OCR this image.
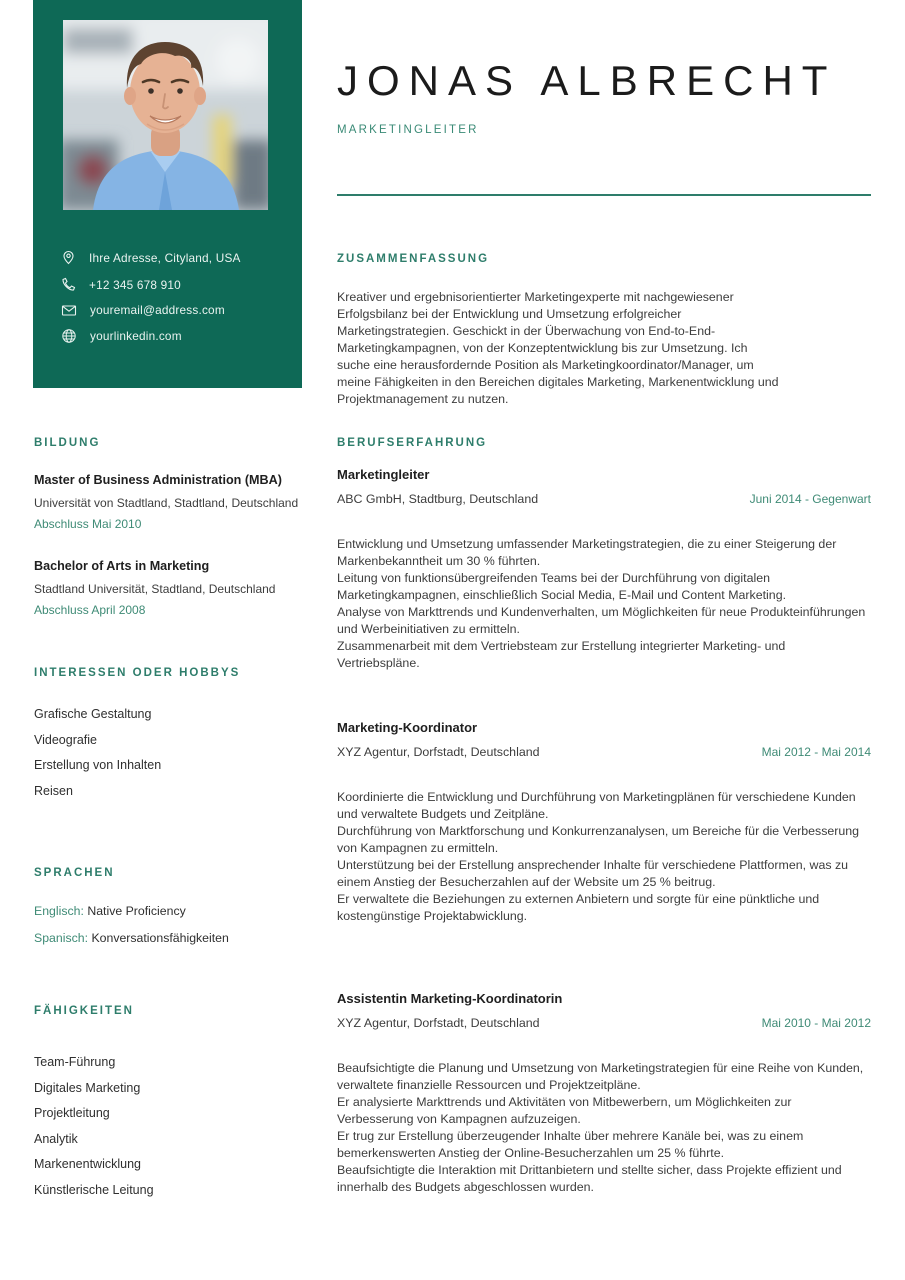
Ihre Adresse, Cityland, USA
+12 345 678 910
youremail@address.com
yourlinkedin.com
JONAS ALBRECHT
MARKETINGLEITER
ZUSAMMENFASSUNG
Kreativer und ergebnisorientierter Marketingexperte mit nachgewiesener Erfolgsbilanz bei der Entwicklung und Umsetzung erfolgreicher Marketingstrategien. Geschickt in der Überwachung von End-to-End-Marketingkampagnen, von der Konzeptentwicklung bis zur Umsetzung. Ich suche eine herausfordernde Position als Marketingkoordinator/Manager, um meine Fähigkeiten in den Bereichen digitales Marketing, Markenentwicklung und Projektmanagement zu nutzen.
BILDUNG
Master of Business Administration (MBA)
Universität von Stadtland, Stadtland, Deutschland
Abschluss Mai 2010
Bachelor of Arts in Marketing
Stadtland Universität, Stadtland, Deutschland
Abschluss April 2008
INTERESSEN ODER HOBBYS
Grafische Gestaltung
Videografie
Erstellung von Inhalten
Reisen
SPRACHEN
Englisch: Native Proficiency
Spanisch: Konversationsfähigkeiten
FÄHIGKEITEN
Team-Führung
Digitales Marketing
Projektleitung
Analytik
Markenentwicklung
Künstlerische Leitung
BERUFSERFAHRUNG
Marketingleiter
ABC GmbH, Stadtburg, Deutschland	Juni 2014 - Gegenwart
Entwicklung und Umsetzung umfassender Marketingstrategien, die zu einer Steigerung der Markenbekanntheit um 30 % führten.
Leitung von funktionsübergreifenden Teams bei der Durchführung von digitalen Marketingkampagnen, einschließlich Social Media, E-Mail und Content Marketing.
Analyse von Markttrends und Kundenverhalten, um Möglichkeiten für neue Produkteinführungen und Werbeinitiativen zu ermitteln.
Zusammenarbeit mit dem Vertriebsteam zur Erstellung integrierter Marketing- und Vertriebspläne.
Marketing-Koordinator
XYZ Agentur, Dorfstadt, Deutschland	Mai 2012 - Mai 2014
Koordinierte die Entwicklung und Durchführung von Marketingplänen für verschiedene Kunden und verwaltete Budgets und Zeitpläne.
Durchführung von Marktforschung und Konkurrenzanalysen, um Bereiche für die Verbesserung von Kampagnen zu ermitteln.
Unterstützung bei der Erstellung ansprechender Inhalte für verschiedene Plattformen, was zu einem Anstieg der Besucherzahlen auf der Website um 25 % beitrug.
Er verwaltete die Beziehungen zu externen Anbietern und sorgte für eine pünktliche und kostengünstige Projektabwicklung.
Assistentin Marketing-Koordinatorin
XYZ Agentur, Dorfstadt, Deutschland	Mai 2010 - Mai 2012
Beaufsichtigte die Planung und Umsetzung von Marketingstrategien für eine Reihe von Kunden, verwaltete finanzielle Ressourcen und Projektzeitpläne.
Er analysierte Markttrends und Aktivitäten von Mitbewerbern, um Möglichkeiten zur Verbesserung von Kampagnen aufzuzeigen.
Er trug zur Erstellung überzeugender Inhalte über mehrere Kanäle bei, was zu einem bemerkenswerten Anstieg der Online-Besucherzahlen um 25 % führte.
Beaufsichtigte die Interaktion mit Drittanbietern und stellte sicher, dass Projekte effizient und innerhalb des Budgets abgeschlossen wurden.
